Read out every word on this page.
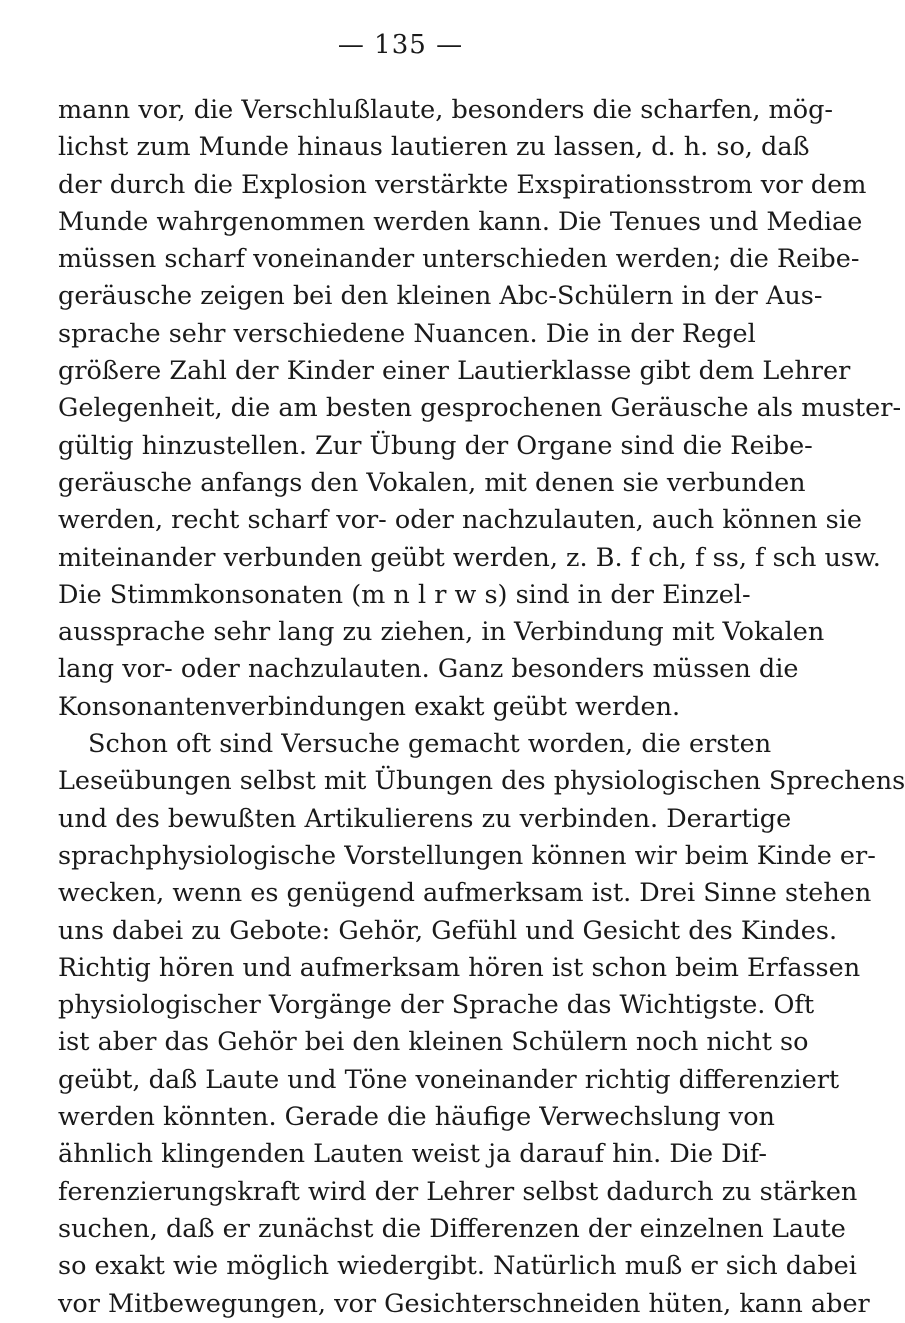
— 135 —
mann vor, die Verschlußlaute, besonders die scharfen, mög-
lichst zum Munde hinaus lautieren zu lassen, d. h. so, daß
der durch die Explosion verstärkte Exspirationsstrom vor dem
Munde wahrgenommen werden kann. Die Tenues und Mediae
müssen scharf voneinander unterschieden werden; die Reibe-
geräusche zeigen bei den kleinen Abc-Schülern in der Aus-
sprache sehr verschiedene Nuancen. Die in der Regel
größere Zahl der Kinder einer Lautierklasse gibt dem Lehrer
Gelegenheit, die am besten gesprochenen Geräusche als muster-
gültig hinzustellen. Zur Übung der Organe sind die Reibe-
geräusche anfangs den Vokalen, mit denen sie verbunden
werden, recht scharf vor- oder nachzulauten, auch können sie
miteinander verbunden geübt werden, z. B. f ch, f ss, f sch usw.
Die Stimmkonsonaten (m n l r w s) sind in der Einzel-
aussprache sehr lang zu ziehen, in Verbindung mit Vokalen
lang vor- oder nachzulauten. Ganz besonders müssen die
Konsonantenverbindungen exakt geübt werden.
Schon oft sind Versuche gemacht worden, die ersten
Leseübungen selbst mit Übungen des physiologischen Sprechens
und des bewußten Artikulierens zu verbinden. Derartige
sprachphysiologische Vorstellungen können wir beim Kinde er-
wecken, wenn es genügend aufmerksam ist. Drei Sinne stehen
uns dabei zu Gebote: Gehör, Gefühl und Gesicht des Kindes.
Richtig hören und aufmerksam hören ist schon beim Erfassen
physiologischer Vorgänge der Sprache das Wichtigste. Oft
ist aber das Gehör bei den kleinen Schülern noch nicht so
geübt, daß Laute und Töne voneinander richtig differenziert
werden könnten. Gerade die häufige Verwechslung von
ähnlich klingenden Lauten weist ja darauf hin. Die Dif-
ferenzierungskraft wird der Lehrer selbst dadurch zu stärken
suchen, daß er zunächst die Differenzen der einzelnen Laute
so exakt wie möglich wiedergibt. Natürlich muß er sich dabei
vor Mitbewegungen, vor Gesichterschneiden hüten, kann aber
